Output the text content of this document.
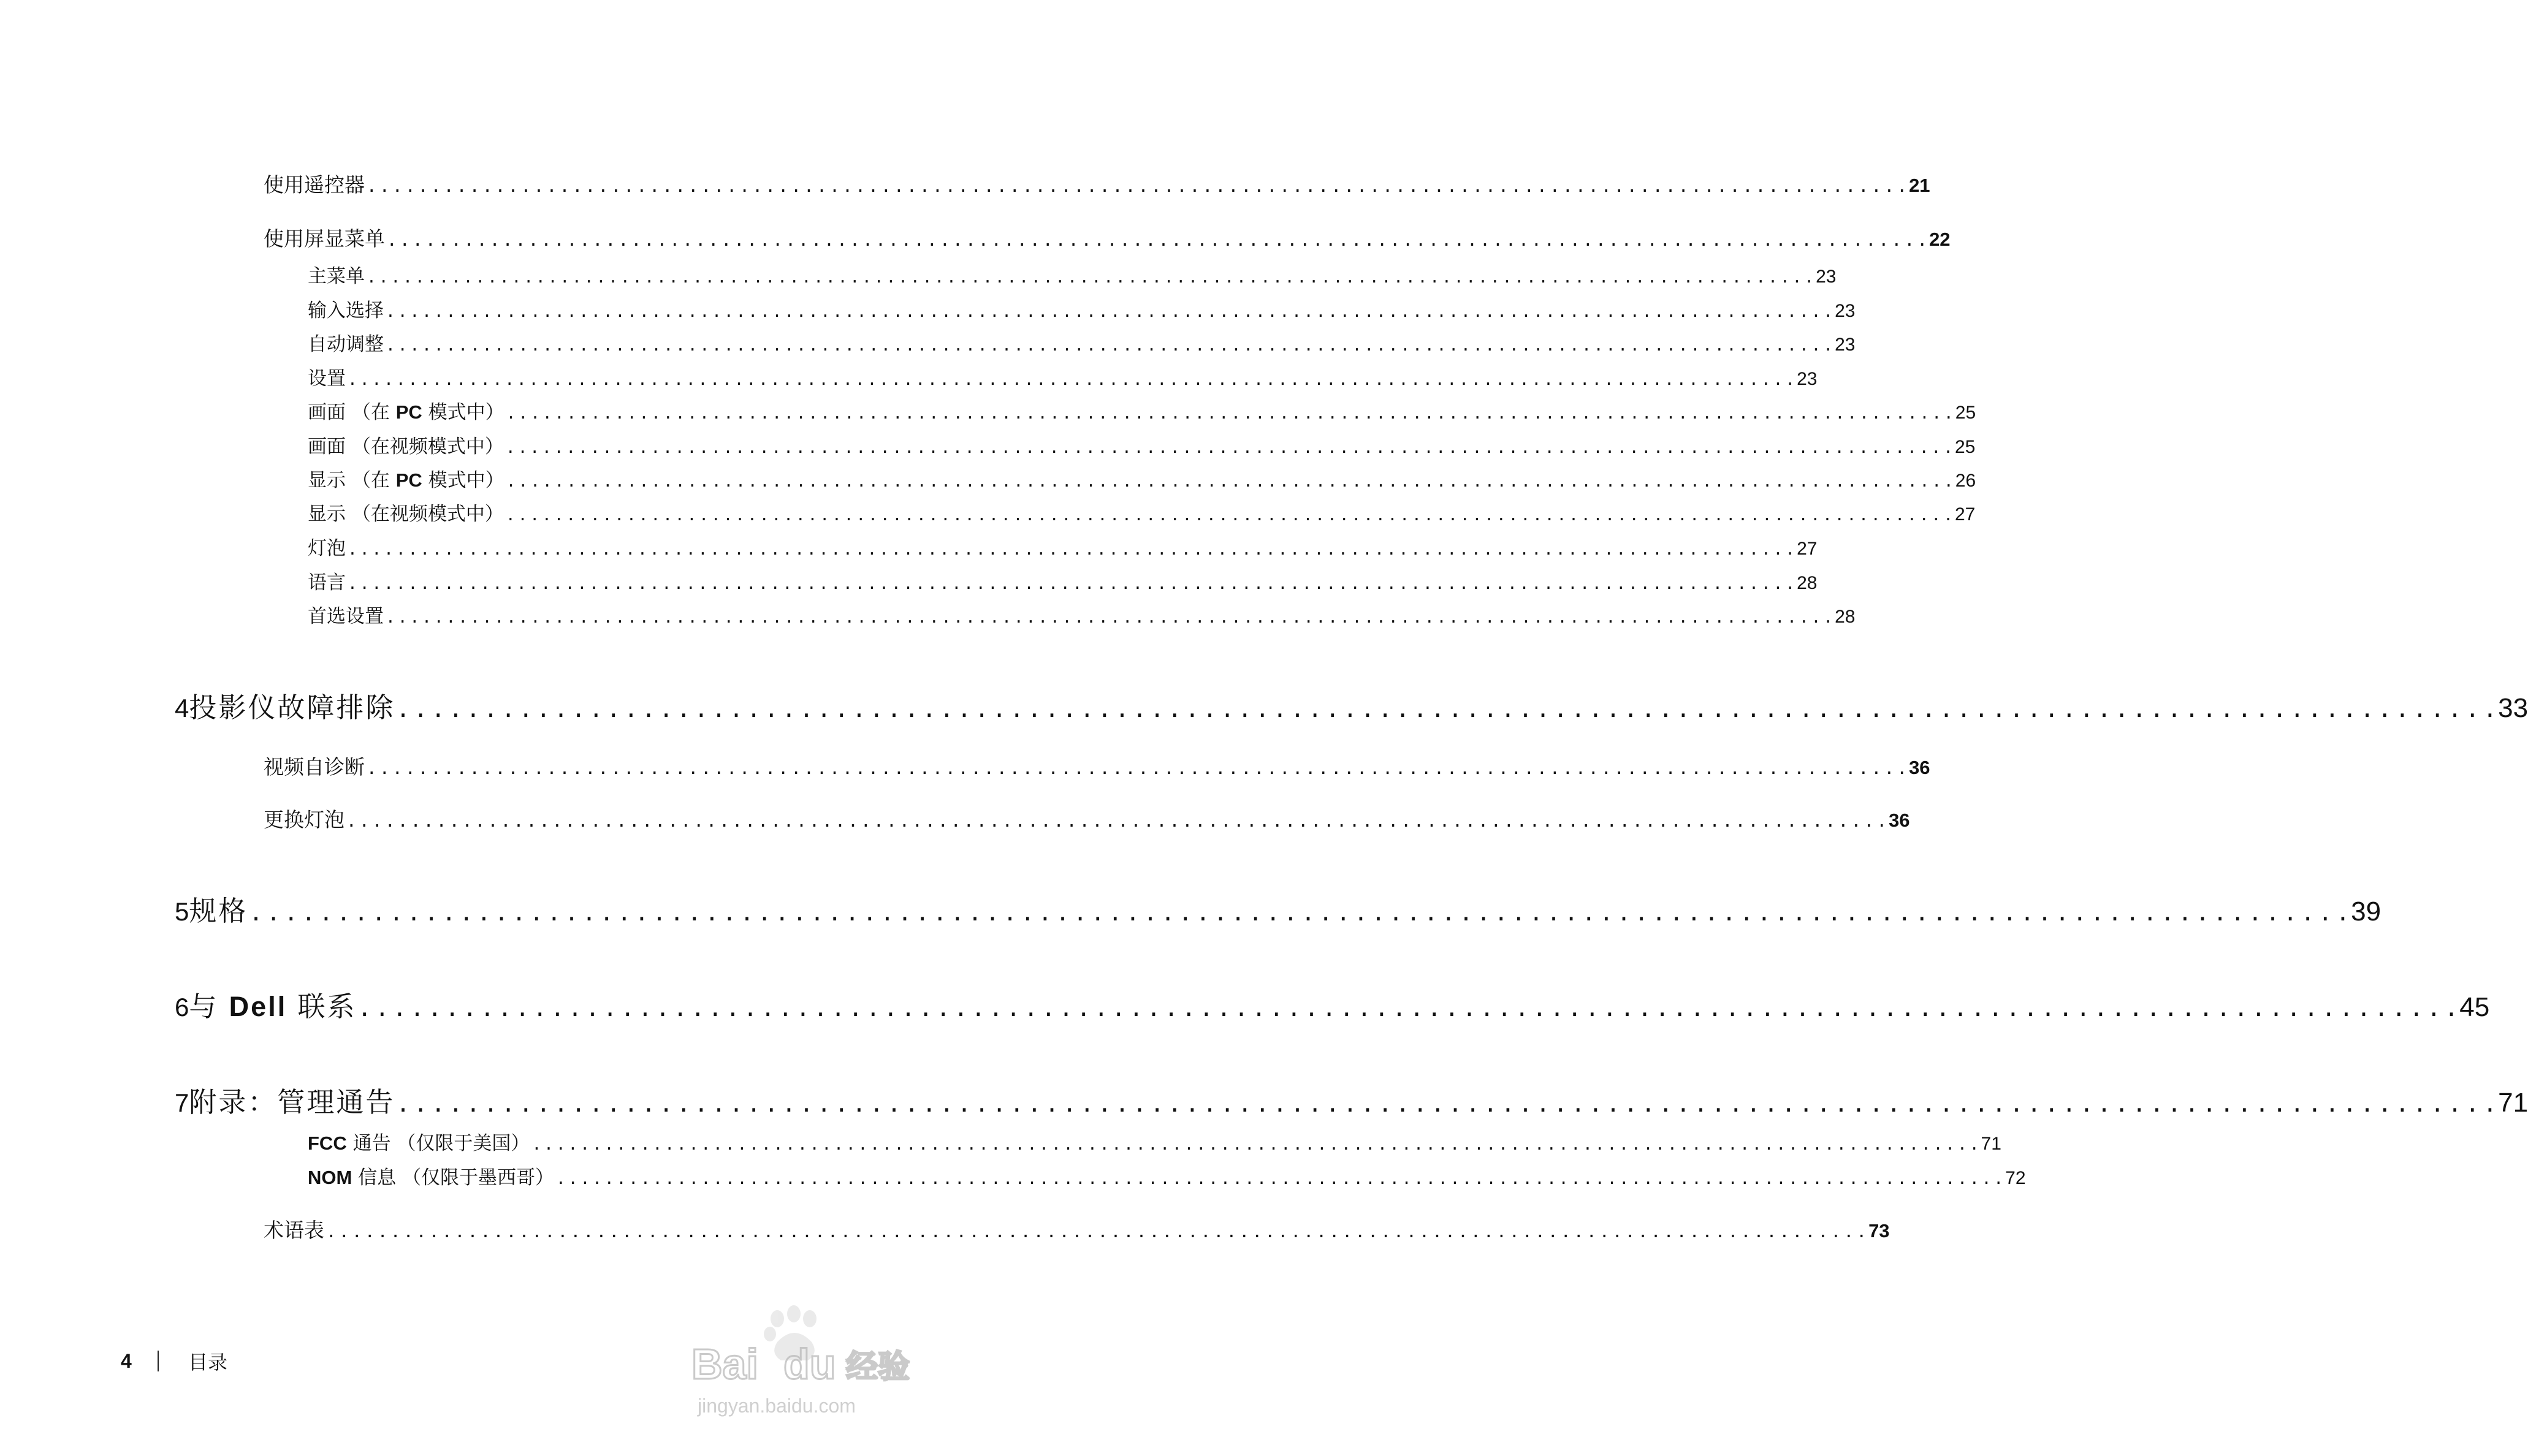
使用遥控器 . . . . . . . . . . . . . . . . . . . . . . . . . . . . . . . . . . . . . . . . . . . . . . . . . . . . . . . . . . . . . . . . . . . . . . . . . . . . . . . . . . . . . . . . . . . . . . . . . . . . . . . . . . . . . . . . . . . . . . . . 21
使用屏显菜单 . . . . . . . . . . . . . . . . . . . . . . . . . . . . . . . . . . . . . . . . . . . . . . . . . . . . . . . . . . . . . . . . . . . . . . . . . . . . . . . . . . . . . . . . . . . . . . . . . . . . . . . . . . . . . . . . . . . . . . . . 22
主菜单 . . . . . . . . . . . . . . . . . . . . . . . . . . . . . . . . . . . . . . . . . . . . . . . . . . . . . . . . . . . . . . . . . . . . . . . . . . . . . . . . . . . . . . . . . . . . . . . . . . . . . . . . . . . . . . . . . . . . . . . . 23
输入选择 . . . . . . . . . . . . . . . . . . . . . . . . . . . . . . . . . . . . . . . . . . . . . . . . . . . . . . . . . . . . . . . . . . . . . . . . . . . . . . . . . . . . . . . . . . . . . . . . . . . . . . . . . . . . . . . . . . . . . . . . 23
自动调整 . . . . . . . . . . . . . . . . . . . . . . . . . . . . . . . . . . . . . . . . . . . . . . . . . . . . . . . . . . . . . . . . . . . . . . . . . . . . . . . . . . . . . . . . . . . . . . . . . . . . . . . . . . . . . . . . . . . . . . . . 23
设置 . . . . . . . . . . . . . . . . . . . . . . . . . . . . . . . . . . . . . . . . . . . . . . . . . . . . . . . . . . . . . . . . . . . . . . . . . . . . . . . . . . . . . . . . . . . . . . . . . . . . . . . . . . . . . . . . . . . . . . . . 23
画面 （在 PC 模式中） . . . . . . . . . . . . . . . . . . . . . . . . . . . . . . . . . . . . . . . . . . . . . . . . . . . . . . . . . . . . . . . . . . . . . . . . . . . . . . . . . . . . . . . . . . . . . . . . . . . . . . . . . . . . . . . . . . . . . . . . 25
画面 （在视频模式中） . . . . . . . . . . . . . . . . . . . . . . . . . . . . . . . . . . . . . . . . . . . . . . . . . . . . . . . . . . . . . . . . . . . . . . . . . . . . . . . . . . . . . . . . . . . . . . . . . . . . . . . . . . . . . . . . . . . . . . . . 25
显示 （在 PC 模式中） . . . . . . . . . . . . . . . . . . . . . . . . . . . . . . . . . . . . . . . . . . . . . . . . . . . . . . . . . . . . . . . . . . . . . . . . . . . . . . . . . . . . . . . . . . . . . . . . . . . . . . . . . . . . . . . . . . . . . . . . 26
显示 （在视频模式中） . . . . . . . . . . . . . . . . . . . . . . . . . . . . . . . . . . . . . . . . . . . . . . . . . . . . . . . . . . . . . . . . . . . . . . . . . . . . . . . . . . . . . . . . . . . . . . . . . . . . . . . . . . . . . . . . . . . . . . . . 27
灯泡 . . . . . . . . . . . . . . . . . . . . . . . . . . . . . . . . . . . . . . . . . . . . . . . . . . . . . . . . . . . . . . . . . . . . . . . . . . . . . . . . . . . . . . . . . . . . . . . . . . . . . . . . . . . . . . . . . . . . . . . . 27
语言 . . . . . . . . . . . . . . . . . . . . . . . . . . . . . . . . . . . . . . . . . . . . . . . . . . . . . . . . . . . . . . . . . . . . . . . . . . . . . . . . . . . . . . . . . . . . . . . . . . . . . . . . . . . . . . . . . . . . . . . . 28
首选设置 . . . . . . . . . . . . . . . . . . . . . . . . . . . . . . . . . . . . . . . . . . . . . . . . . . . . . . . . . . . . . . . . . . . . . . . . . . . . . . . . . . . . . . . . . . . . . . . . . . . . . . . . . . . . . . . . . . . . . . . . 28
4 投影仪故障排除 . . . . . . . . . . . . . . . . . . . . . . . . . . . . . . . . . . . . . . . . . . . . . . . . . . . . . . . . . . . . . . . . . . . . . . . . . . . . . . . . . . . . . . . . . . . . . . . . . . . . . . . . . . . . . . . . . . . . . . . . 33
视频自诊断 . . . . . . . . . . . . . . . . . . . . . . . . . . . . . . . . . . . . . . . . . . . . . . . . . . . . . . . . . . . . . . . . . . . . . . . . . . . . . . . . . . . . . . . . . . . . . . . . . . . . . . . . . . . . . . . . . . . . . . . . 36
更换灯泡 . . . . . . . . . . . . . . . . . . . . . . . . . . . . . . . . . . . . . . . . . . . . . . . . . . . . . . . . . . . . . . . . . . . . . . . . . . . . . . . . . . . . . . . . . . . . . . . . . . . . . . . . . . . . . . . . . . . . . . . . 36
5 规格 . . . . . . . . . . . . . . . . . . . . . . . . . . . . . . . . . . . . . . . . . . . . . . . . . . . . . . . . . . . . . . . . . . . . . . . . . . . . . . . . . . . . . . . . . . . . . . . . . . . . . . . . . . . . . . . . . . . . . . . . 39
6 与 Dell 联系 . . . . . . . . . . . . . . . . . . . . . . . . . . . . . . . . . . . . . . . . . . . . . . . . . . . . . . . . . . . . . . . . . . . . . . . . . . . . . . . . . . . . . . . . . . . . . . . . . . . . . . . . . . . . . . . . . . . . . . . . 45
7 附录：管理通告 . . . . . . . . . . . . . . . . . . . . . . . . . . . . . . . . . . . . . . . . . . . . . . . . . . . . . . . . . . . . . . . . . . . . . . . . . . . . . . . . . . . . . . . . . . . . . . . . . . . . . . . . . . . . . . . . . . . . . . . . 71
FCC 通告 （仅限于美国） . . . . . . . . . . . . . . . . . . . . . . . . . . . . . . . . . . . . . . . . . . . . . . . . . . . . . . . . . . . . . . . . . . . . . . . . . . . . . . . . . . . . . . . . . . . . . . . . . . . . . . . . . . . . . . . . . . . . . . . . 71
NOM 信息 （仅限于墨西哥） . . . . . . . . . . . . . . . . . . . . . . . . . . . . . . . . . . . . . . . . . . . . . . . . . . . . . . . . . . . . . . . . . . . . . . . . . . . . . . . . . . . . . . . . . . . . . . . . . . . . . . . . . . . . . . . . . . . . . . . . 72
术语表 . . . . . . . . . . . . . . . . . . . . . . . . . . . . . . . . . . . . . . . . . . . . . . . . . . . . . . . . . . . . . . . . . . . . . . . . . . . . . . . . . . . . . . . . . . . . . . . . . . . . . . . . . . . . . . . . . . . . . . . . 73
4	目录	Bai du 经验
jingyan.baidu.com
